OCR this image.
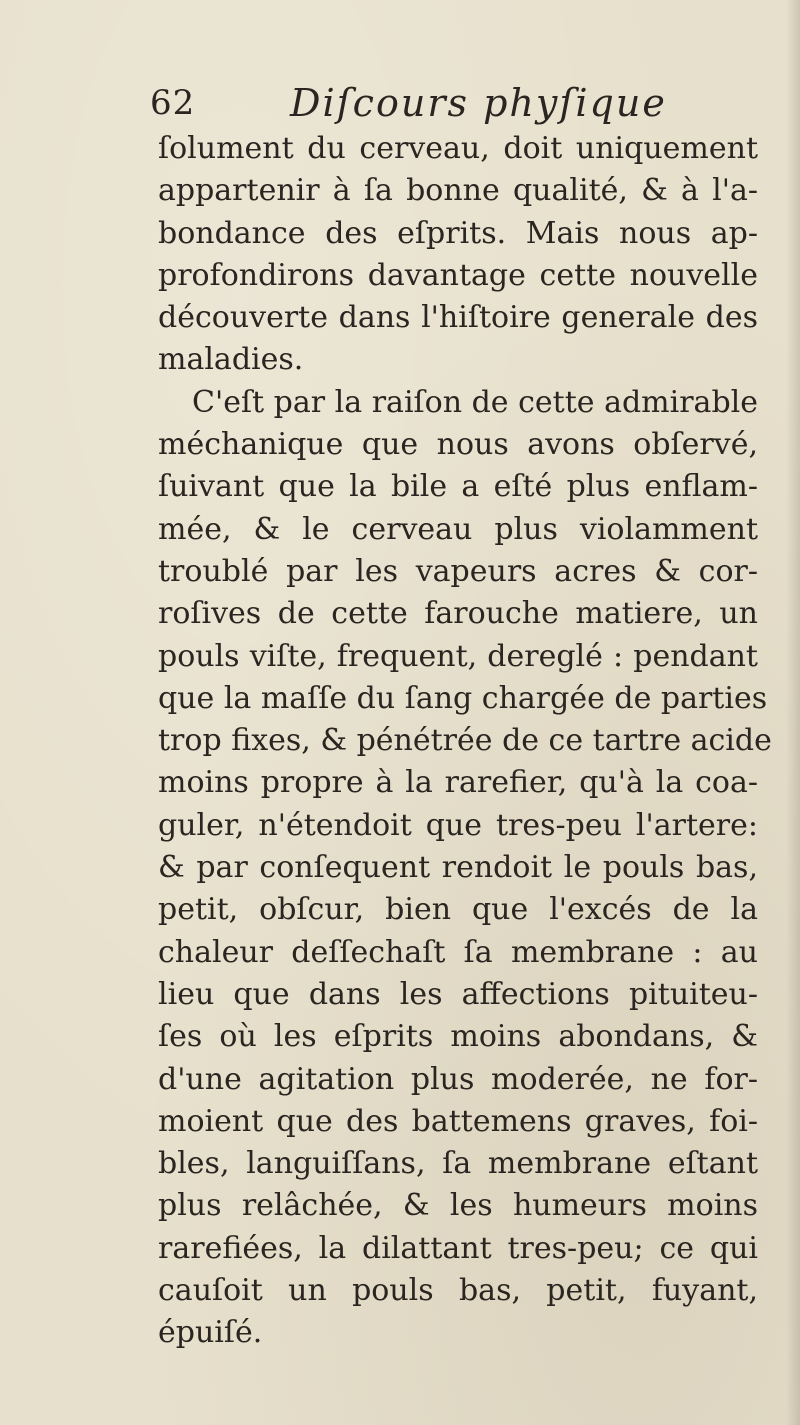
62 Diſcours phyſique
ſolument du cerveau, doit uniquement
appartenir à ſa bonne qualité, & à l'a-
bondance des eſprits. Mais nous ap-
profondirons davantage cette nouvelle
découverte dans l'hiſtoire generale des
maladies.
C'eſt par la raiſon de cette admirable
méchanique que nous avons obſervé,
ſuivant que la bile a eſté plus enflam-
mée, & le cerveau plus violamment
troublé par les vapeurs acres & cor-
roſives de cette farouche matiere, un
pouls viſte, frequent, dereglé : pendant
que la maſſe du ſang chargée de parties
trop fixes, & pénétrée de ce tartre acide
moins propre à la rarefier, qu'à la coa-
guler, n'étendoit que tres-peu l'artere:
& par conſequent rendoit le pouls bas,
petit, obſcur, bien que l'excés de la
chaleur deſſechaſt ſa membrane : au
lieu que dans les affections pituiteu-
ſes où les eſprits moins abondans, &
d'une agitation plus moderée, ne for-
moient que des battemens graves, foi-
bles, languiſſans, ſa membrane eſtant
plus relâchée, & les humeurs moins
rarefiées, la dilattant tres-peu; ce qui
cauſoit un pouls bas, petit, fuyant,
épuiſé.
